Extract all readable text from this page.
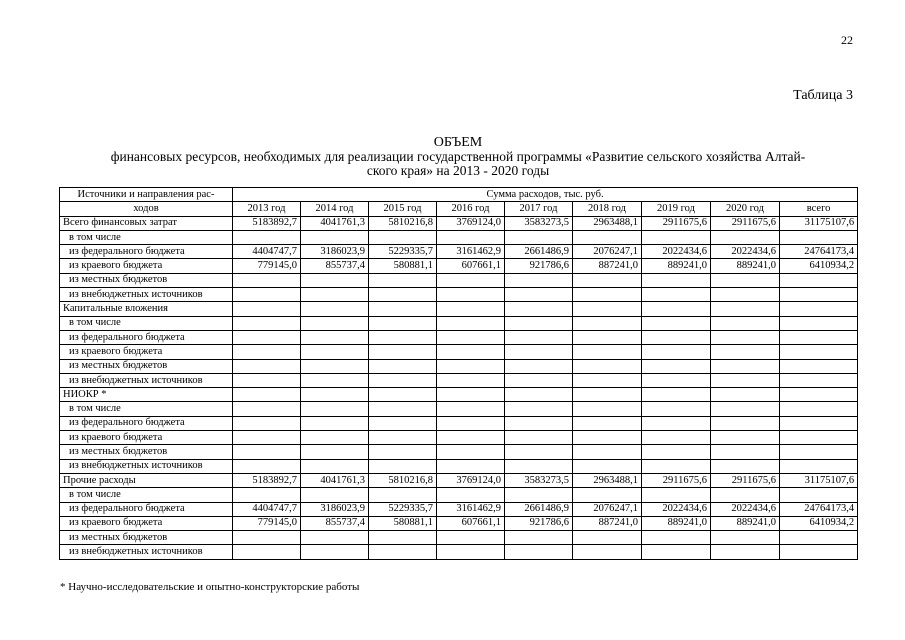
22
Таблица 3
ОБЪЕМ
финансовых ресурсов, необходимых для реализации государственной программы «Развитие сельского хозяйства Алтай-
ского края» на 2013 - 2020 годы
Источники и направления рас-	Сумма расходов, тыс. руб.								
ходов	2013 год	2014 год	2015 год	2016 год	2017 год	2018 год	2019 год	2020 год	всего
Всего финансовых затрат	5183892,7	4041761,3	5810216,8	3769124,0	3583273,5	2963488,1	2911675,6	2911675,6	31175107,6
в том числе									
из федерального бюджета	4404747,7	3186023,9	5229335,7	3161462,9	2661486,9	2076247,1	2022434,6	2022434,6	24764173,4
из краевого бюджета	779145,0	855737,4	580881,1	607661,1	921786,6	887241,0	889241,0	889241,0	6410934,2
из местных бюджетов									
из внебюджетных источников									
Капитальные вложения									
в том числе									
из федерального бюджета									
из краевого бюджета									
из местных бюджетов									
из внебюджетных источников									
НИОКР *									
в том числе									
из федерального бюджета									
из краевого бюджета									
из местных бюджетов									
из внебюджетных источников									
Прочие расходы	5183892,7	4041761,3	5810216,8	3769124,0	3583273,5	2963488,1	2911675,6	2911675,6	31175107,6
в том числе									
из федерального бюджета	4404747,7	3186023,9	5229335,7	3161462,9	2661486,9	2076247,1	2022434,6	2022434,6	24764173,4
из краевого бюджета	779145,0	855737,4	580881,1	607661,1	921786,6	887241,0	889241,0	889241,0	6410934,2
из местных бюджетов									
из внебюджетных источников									
* Научно-исследовательские и опытно-конструкторские работы
